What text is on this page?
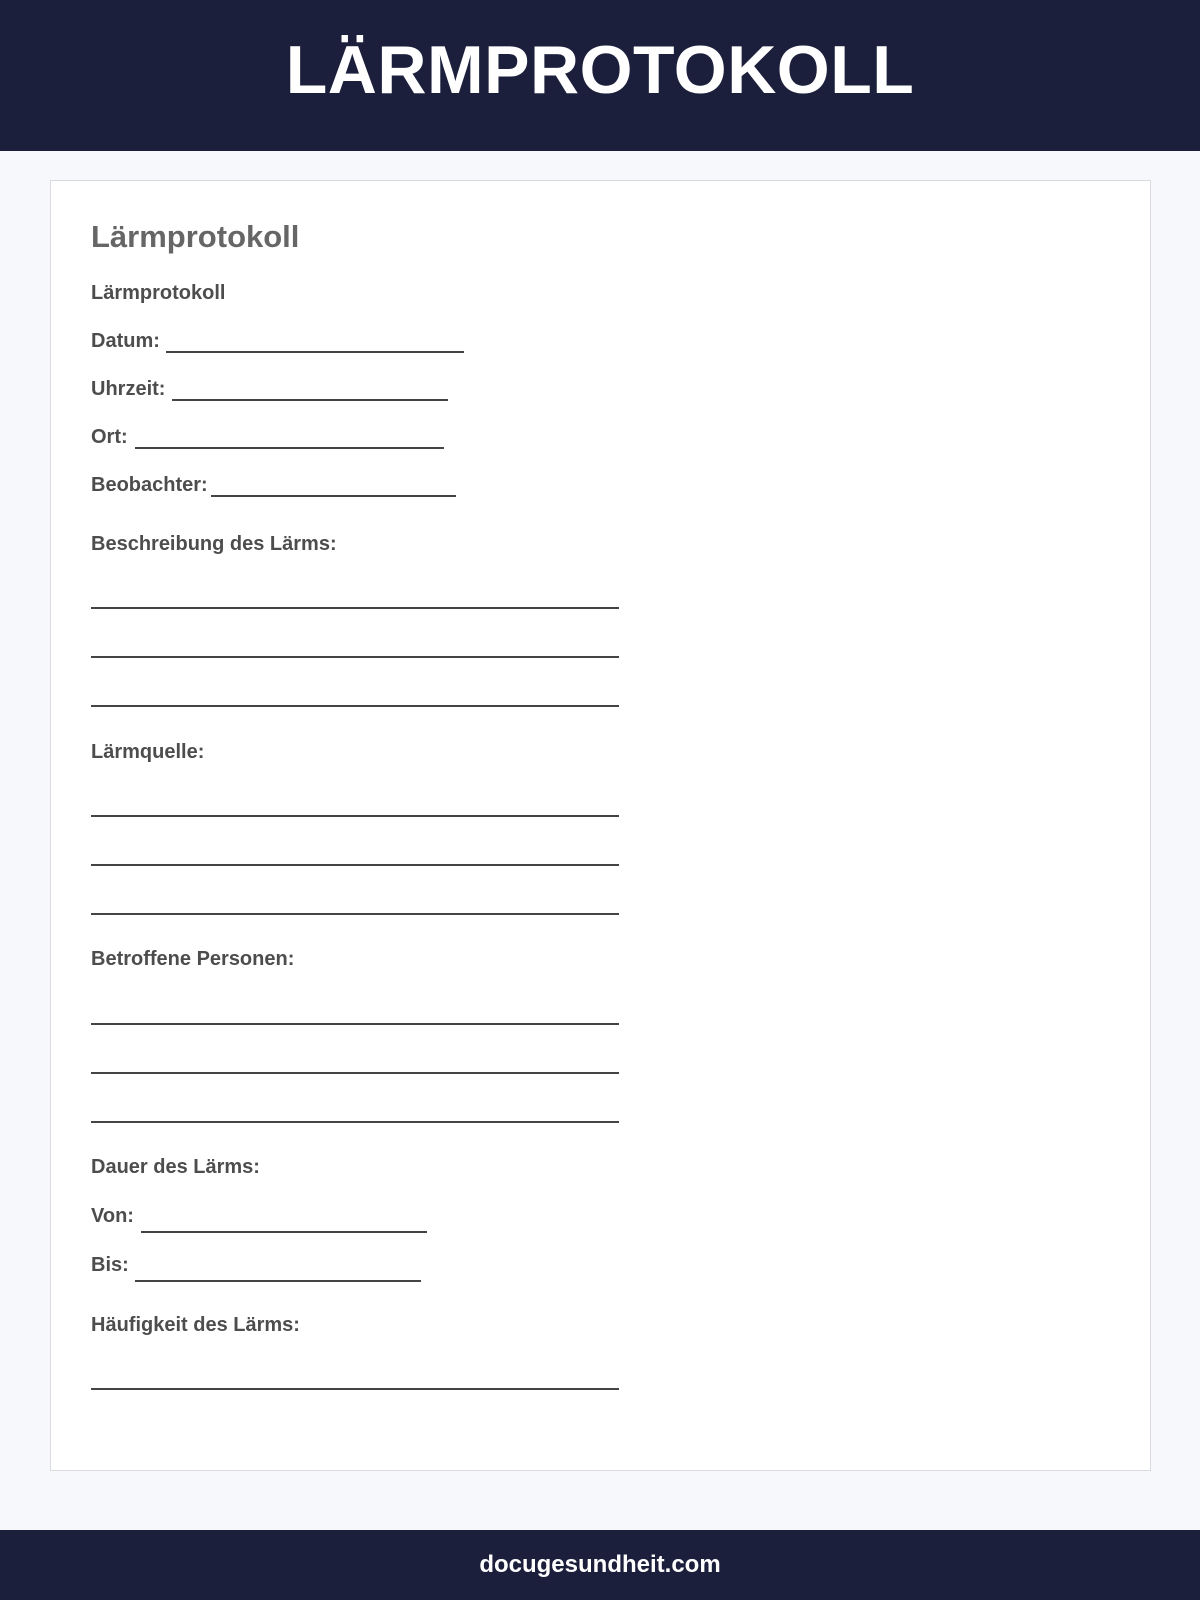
LÄRMPROTOKOLL
Lärmprotokoll
Lärmprotokoll
Datum:
Uhrzeit:
Ort:
Beobachter:
Beschreibung des Lärms:
Lärmquelle:
Betroffene Personen:
Dauer des Lärms:
Von:
Bis:
Häufigkeit des Lärms:
docugesundheit.com
